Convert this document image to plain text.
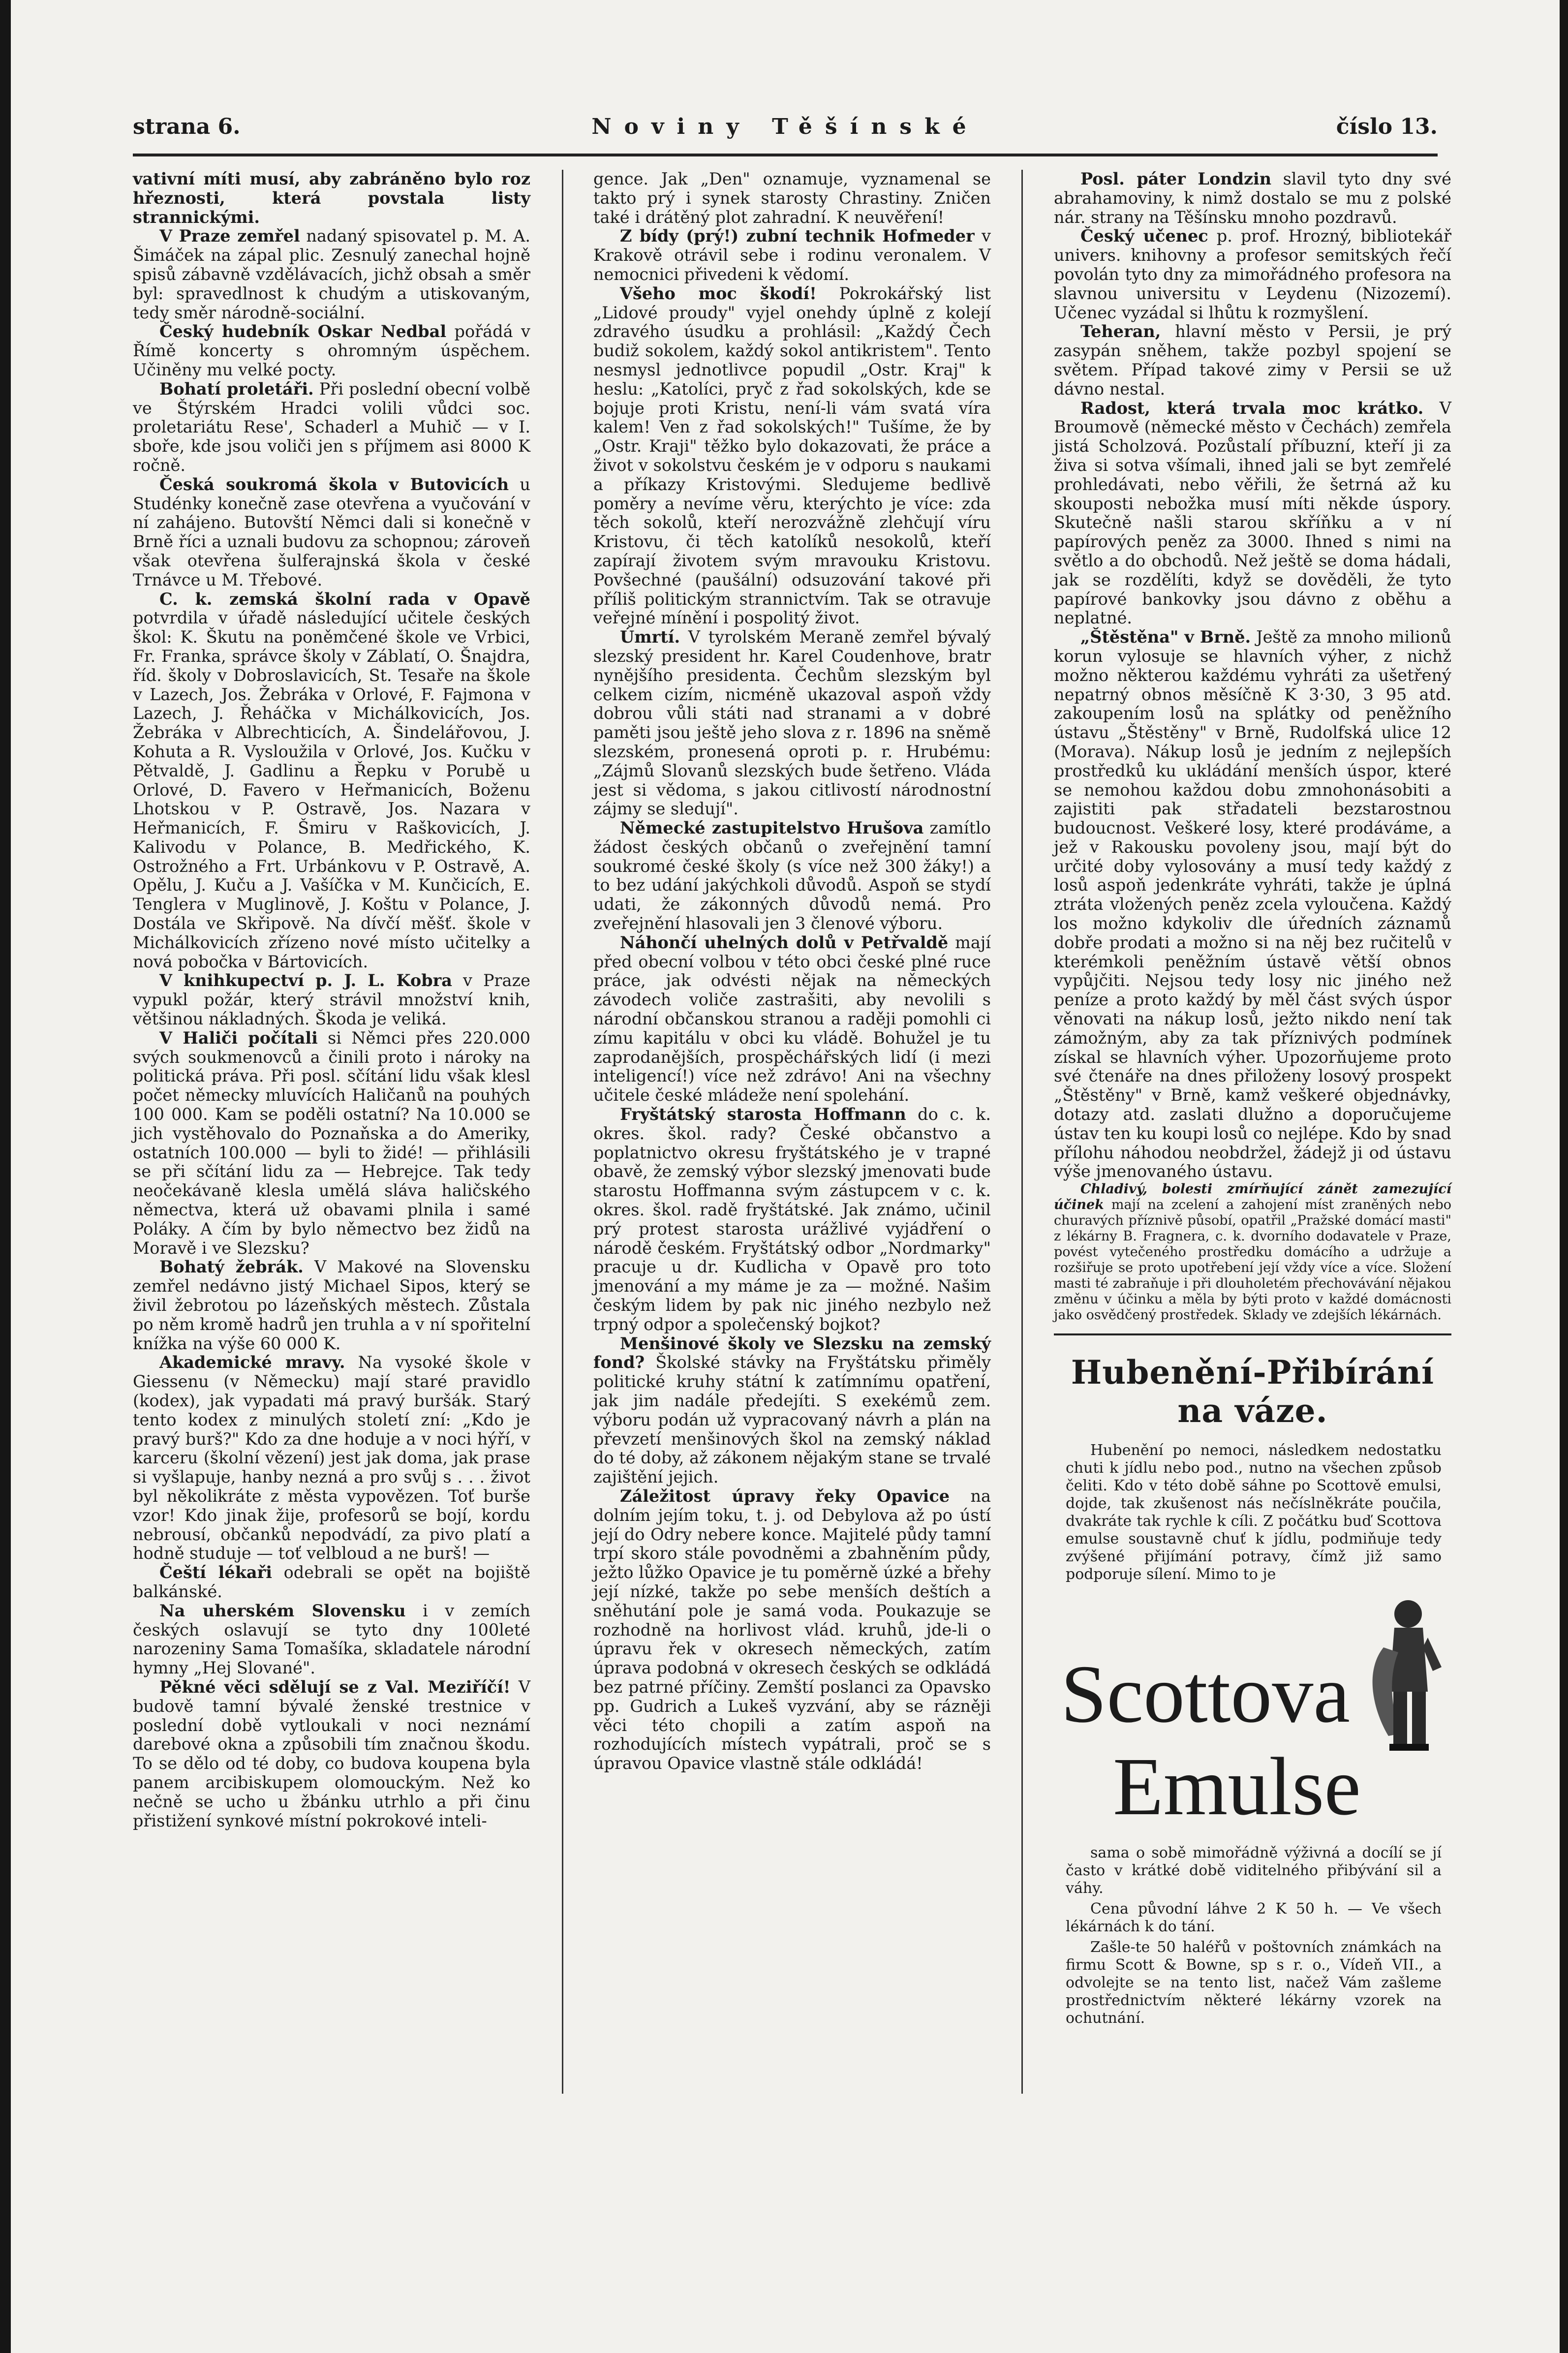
strana 6.	Noviny Těšínské	číslo 13.

vativní míti musí, aby zabráněno bylo roz hřeznosti, která povstala listy strannickými.

V Praze zemřel nadaný spisovatel p. M. A. Šimáček na zápal plic. Zesnulý zanechal hojně spisů zábavně vzdělávacích, jichž obsah a směr byl: spravedlnost k chudým a utiskovaným, tedy směr národně-sociální.

Český hudebník Oskar Nedbal pořádá v Římě koncerty s ohromným úspěchem. Učiněny mu velké pocty.

Bohatí proletáři. Při poslední obecní volbě ve Štýrském Hradci volili vůdci soc. proletariátu Rese', Schaderl a Muhič — v I. sboře, kde jsou voliči jen s příjmem asi 8000 K ročně.

Česká soukromá škola v Butovicích u Studénky konečně zase otevřena a vyučování v ní zahájeno. Butovští Němci dali si konečně v Brně říci a uznali budovu za schopnou; zároveň však otevřena šulferajnská škola v české Trnávce u M. Třebové.

C. k. zemská školní rada v Opavě potvrdila v úřadě následující učitele českých škol: K. Škutu na poněmčené škole ve Vrbici, Fr. Franka, správce školy v Záblatí, O. Šnajdra, říd. školy v Dobroslavicích, St. Tesaře na škole v Lazech, Jos. Žebráka v Orlové, F. Fajmona v Lazech, J. Řeháčka v Michálkovicích, Jos. Žebráka v Albrechticích, A. Šindelářovou, J. Kohuta a R. Vysloužila v Orlové, Jos. Kučku v Pětvaldě, J. Gadlinu a Řepku v Porubě u Orlové, D. Favero v Heřmanicích, Boženu Lhotskou v P. Ostravě, Jos. Nazara v Heřmanicích, F. Šmiru v Raškovicích, J. Kalivodu v Polance, B. Medřického, K. Ostrožného a Frt. Urbánkovu v P. Ostravě, A. Opělu, J. Kuču a J. Vašíčka v M. Kunčicích, E. Tenglera v Muglinově, J. Koštu v Polance, J. Dostála ve Skřipově. Na dívčí měšť. škole v Michálkovicích zřízeno nové místo učitelky a nová pobočka v Bártovicích.

V knihkupectví p. J. L. Kobra v Praze vypukl požár, který strávil množství knih, většinou nákladných. Škoda je veliká.

V Haliči počítali si Němci přes 220.000 svých soukmenovců a činili proto i nároky na politická práva. Při posl. sčítání lidu však klesl počet německy mluvících Haličanů na pouhých 100 000. Kam se poděli ostatní? Na 10.000 se jich vystěhovalo do Poznaňska a do Ameriky, ostatních 100.000 — byli to židé! — přihlásili se při sčítání lidu za — Hebrejce. Tak tedy neočekávaně klesla umělá sláva haličského němectva, která už obavami plnila i samé Poláky. A čím by bylo němectvo bez židů na Moravě i ve Slezsku?

Bohatý žebrák. V Makové na Slovensku zemřel nedávno jistý Michael Sipos, který se živil žebrotou po lázeňských městech. Zůstala po něm kromě hadrů jen truhla a v ní spořitelní knížka na výše 60 000 K.

Akademické mravy. Na vysoké škole v Giessenu (v Německu) mají staré pravidlo (kodex), jak vypadati má pravý buršák. Starý tento kodex z minulých století zní: „Kdo je pravý burš?" Kdo za dne hoduje a v noci hýří, v karceru (školní vězení) jest jak doma, jak prase si vyšlapuje, hanby nezná a pro svůj s . . . život byl několikráte z města vypovězen. Toť burše vzor! Kdo jinak žije, profesorů se bojí, kordu nebrousí, občanků nepodvádí, za pivo platí a hodně studuje — toť velbloud a ne burš! —

Čeští lékaři odebrali se opět na bojiště balkánské.

Na uherském Slovensku i v zemích českých oslavují se tyto dny 100leté narozeniny Sama Tomašíka, skladatele národní hymny „Hej Slované".

Pěkné věci sdělují se z Val. Meziříčí! V budově tamní bývalé ženské trestnice v poslední době vytloukali v noci neznámí darebové okna a způsobili tím značnou škodu. To se dělo od té doby, co budova koupena byla panem arcibiskupem olomouckým. Než ko nečně se ucho u žbánku utrhlo a při činu přistižení synkové místní pokrokové inteli-

gence. Jak „Den" oznamuje, vyznamenal se takto prý i synek starosty Chrastiny. Zničen také i drátěný plot zahradní. K neuvěření!

Z bídy (prý!) zubní technik Hofmeder v Krakově otrávil sebe i rodinu veronalem. V nemocnici přivedeni k vědomí.

Všeho moc škodí! Pokrokářský list „Lidové proudy" vyjel onehdy úplně z kolejí zdravého úsudku a prohlásil: „Každý Čech budiž sokolem, každý sokol antikristem". Tento nesmysl jednotlivce popudil „Ostr. Kraj" k heslu: „Katolíci, pryč z řad sokolských, kde se bojuje proti Kristu, není-li vám svatá víra kalem! Ven z řad sokolských!" Tušíme, že by „Ostr. Kraji" těžko bylo dokazovati, že práce a život v sokolstvu českém je v odporu s naukami a příkazy Kristovými. Sledujeme bedlivě poměry a nevíme věru, kterýchto je více: zda těch sokolů, kteří nerozvážně zlehčují víru Kristovu, či těch katolíků nesokolů, kteří zapírají životem svým mravouku Kristovu. Povšechné (paušální) odsuzování takové při příliš politickým strannictvím. Tak se otravuje veřejné mínění i pospolitý život.

Úmrtí. V tyrolském Meraně zemřel bývalý slezský president hr. Karel Coudenhove, bratr nynějšího presidenta. Čechům slezským byl celkem cizím, nicméně ukazoval aspoň vždy dobrou vůli státi nad stranami a v dobré paměti jsou ještě jeho slova z r. 1896 na sněmě slezském, pronesená oproti p. r. Hrubému: „Zájmů Slovanů slezských bude šetřeno. Vláda jest si vědoma, s jakou citlivostí národnostní zájmy se sledují".

Německé zastupitelstvo Hrušova zamítlo žádost českých občanů o zveřejnění tamní soukromé české školy (s více než 300 žáky!) a to bez udání jakýchkoli důvodů. Aspoň se stydí udati, že zákonných důvodů nemá. Pro zveřejnění hlasovali jen 3 členové výboru.

Náhončí uhelných dolů v Petřvaldě mají před obecní volbou v této obci české plné ruce práce, jak odvésti nějak na německých závodech voliče zastrašiti, aby nevolili s národní občanskou stranou a raději pomohli ci zímu kapitálu v obci ku vládě. Bohužel je tu zaprodanějších, prospěchářských lidí (i mezi inteligencí!) více než zdrávo! Ani na všechny učitele české mládeže není spolehání.

Fryštátský starosta Hoffmann do c. k. okres. škol. rady? České občanstvo a poplatnictvo okresu fryštátského je v trapné obavě, že zemský výbor slezský jmenovati bude starostu Hoffmanna svým zástupcem v c. k. okres. škol. radě fryštátské. Jak známo, učinil prý protest starosta urážlivé vyjádření o národě českém. Fryštátský odbor „Nordmarky" pracuje u dr. Kudlicha v Opavě pro toto jmenování a my máme je za — možné. Našim českým lidem by pak nic jiného nezbylo než trpný odpor a společenský bojkot?

Menšinové školy ve Slezsku na zemský fond? Školské stávky na Fryštátsku přiměly politické kruhy státní k zatímnímu opatření, jak jim nadále předejíti. S exekémů zem. výboru podán už vypracovaný návrh a plán na převzetí menšinových škol na zemský náklad do té doby, až zákonem nějakým stane se trvalé zajištění jejich.

Záležitost úpravy řeky Opavice na dolním jejím toku, t. j. od Debylova až po ústí její do Odry nebere konce. Majitelé půdy tamní trpí skoro stále povodněmi a zbahněním půdy, ježto lůžko Opavice je tu poměrně úzké a břehy její nízké, takže po sebe menších deštích a sněhutání pole je samá voda. Poukazuje se rozhodně na horlivost vlád. kruhů, jde-li o úpravu řek v okresech německých, zatím úprava podobná v okresech českých se odkládá bez patrné příčiny. Zemští poslanci za Opavsko pp. Gudrich a Lukeš vyzvání, aby se rázněji věci této chopili a zatím aspoň na rozhodujících místech vypátrali, proč se s úpravou Opavice vlastně stále odkládá!

Posl. páter Londzin slavil tyto dny své abrahamoviny, k nimž dostalo se mu z polské nár. strany na Těšínsku mnoho pozdravů.

Český učenec p. prof. Hrozný, bibliotekář univers. knihovny a profesor semitských řečí povolán tyto dny za mimořádného profesora na slavnou universitu v Leydenu (Nizozemí). Učenec vyzádal si lhůtu k rozmyšlení.

Teheran, hlavní město v Persii, je prý zasypán sněhem, takže pozbyl spojení se světem. Případ takové zimy v Persii se už dávno nestal.

Radost, která trvala moc krátko. V Broumově (německé město v Čechách) zemřela jistá Scholzová. Pozůstalí příbuzní, kteří ji za živa si sotva všímali, ihned jali se byt zemřelé prohledávati, nebo věřili, že šetrná až ku skouposti nebožka musí míti někde úspory. Skutečně našli starou skříňku a v ní papírových peněz za 3000. Ihned s nimi na světlo a do obchodů. Než ještě se doma hádali, jak se rozdělíti, když se dověděli, že tyto papírové bankovky jsou dávno z oběhu a neplatné.

„Štěstěna" v Brně. Ještě za mnoho milionů korun vylosuje se hlavních výher, z nichž možno některou každému vyhráti za ušetřený nepatrný obnos měsíčně K 3·30, 3 95 atd. zakoupením losů na splátky od peněžního ústavu „Štěstěny" v Brně, Rudolfská ulice 12 (Morava). Nákup losů je jedním z nejlepších prostředků ku ukládání menších úspor, které se nemohou každou dobu zmnohonásobiti a zajistiti pak střadateli bezstarostnou budoucnost. Veškeré losy, které prodáváme, a jež v Rakousku povoleny jsou, mají být do určité doby vylosovány a musí tedy každý z losů aspoň jedenkráte vyhráti, takže je úplná ztráta vložených peněz zcela vyloučena. Každý los možno kdykoliv dle úředních záznamů dobře prodati a možno si na něj bez ručitelů v kterémkoli peněžním ústavě větší obnos vypůjčiti. Nejsou tedy losy nic jiného než peníze a proto každý by měl část svých úspor věnovati na nákup losů, ježto nikdo není tak zámožným, aby za tak příznivých podmínek získal se hlavních výher. Upozorňujeme proto své čtenáře na dnes přiloženy losový prospekt „Štěstěny" v Brně, kamž veškeré objednávky, dotazy atd. zaslati dlužno a doporučujeme ústav ten ku koupi losů co nejlépe. Kdo by snad přílohu náhodou neobdržel, žádejž ji od ústavu výše jmenovaného ústavu.

Chladivý, bolesti zmírňující zánět zamezující účinek mají na zcelení a zahojení míst zraněných nebo churavých příznivě působí, opatřil „Pražské domácí masti" z lékárny B. Fragnera, c. k. dvorního dodavatele v Praze, povést vytečeného prostředku domácího a udržuje a rozšiřuje se proto upotřebení její vždy více a více. Složení masti té zabraňuje i při dlouholetém přechovávání nějakou změnu v účinku a měla by býti proto v každé domácnosti jako osvědčený prostředek. Sklady ve zdejších lékárnách.

Hubenění-Přibírání na váze.

Hubenění po nemoci, následkem nedostatku chuti k jídlu nebo pod., nutno na všechen způsob čeliti. Kdo v této době sáhne po Scottově emulsi, dojde, tak zkušenost nás nečíslněkráte poučila, dvakráte tak rychle k cíli. Z počátku buď Scottova emulse soustavně chuť k jídlu, podmiňuje tedy zvýšené přijímání potravy, čímž již samo podporuje sílení. Mimo to je

Scottova
Emulse

sama o sobě mimořádně výživná a docílí se jí často v krátké době viditelného přibývání sil a váhy.

Cena původní láhve 2 K 50 h. — Ve všech lékárnách k do tání.

Zašle-te 50 haléřů v poštovních známkách na firmu Scott & Bowne, sp s r. o., Vídeň VII., a odvolejte se na tento list, načež Vám zašleme prostřednictvím některé lékárny vzorek na ochutnání.
